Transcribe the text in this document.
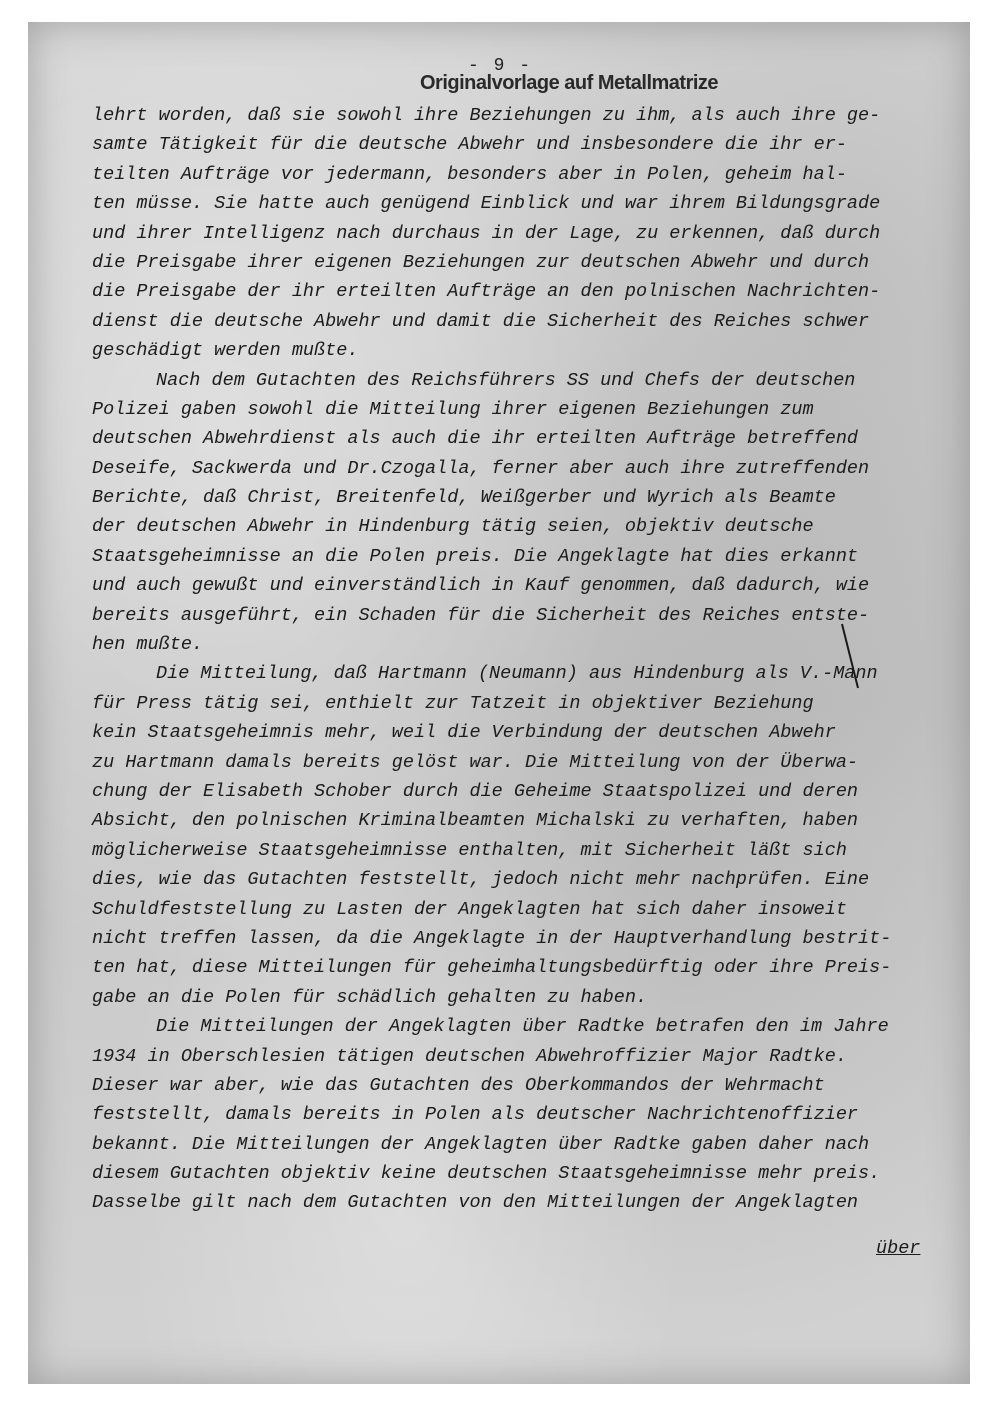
- 9 -
Originalvorlage auf Metallmatrize
lehrt worden, daß sie sowohl ihre Beziehungen zu ihm, als auch ihre ge-
samte Tätigkeit für die deutsche Abwehr und insbesondere die ihr er-
teilten Aufträge vor jedermann, besonders aber in Polen, geheim hal-
ten müsse. Sie hatte auch genügend Einblick und war ihrem Bildungsgrade
und ihrer Intelligenz nach durchaus in der Lage, zu erkennen, daß durch
die Preisgabe ihrer eigenen Beziehungen zur deutschen Abwehr und durch
die Preisgabe der ihr erteilten Aufträge an den polnischen Nachrichten-
dienst die deutsche Abwehr und damit die Sicherheit des Reiches schwer
geschädigt werden mußte.
Nach dem Gutachten des Reichsführers SS und Chefs der deutschen
Polizei gaben sowohl die Mitteilung ihrer eigenen Beziehungen zum
deutschen Abwehrdienst als auch die ihr erteilten Aufträge betreffend
Deseife, Sackwerda und Dr.Czogalla, ferner aber auch ihre zutreffenden
Berichte, daß Christ, Breitenfeld, Weißgerber und Wyrich als Beamte
der deutschen Abwehr in Hindenburg tätig seien, objektiv deutsche
Staatsgeheimnisse an die Polen preis. Die Angeklagte hat dies erkannt
und auch gewußt und einverständlich in Kauf genommen, daß dadurch, wie
bereits ausgeführt, ein Schaden für die Sicherheit des Reiches entste-
hen mußte.
Die Mitteilung, daß Hartmann (Neumann) aus Hindenburg als V.-Mann
für Press tätig sei, enthielt zur Tatzeit in objektiver Beziehung
kein Staatsgeheimnis mehr, weil die Verbindung der deutschen Abwehr
zu Hartmann damals bereits gelöst war. Die Mitteilung von der Überwa-
chung der Elisabeth Schober durch die Geheime Staatspolizei und deren
Absicht, den polnischen Kriminalbeamten Michalski zu verhaften, haben
möglicherweise Staatsgeheimnisse enthalten, mit Sicherheit läßt sich
dies, wie das Gutachten feststellt, jedoch nicht mehr nachprüfen. Eine
Schuldfeststellung zu Lasten der Angeklagten hat sich daher insoweit
nicht treffen lassen, da die Angeklagte in der Hauptverhandlung bestrit-
ten hat, diese Mitteilungen für geheimhaltungsbedürftig oder ihre Preis-
gabe an die Polen für schädlich gehalten zu haben.
Die Mitteilungen der Angeklagten über Radtke betrafen den im Jahre
1934 in Oberschlesien tätigen deutschen Abwehroffizier Major Radtke.
Dieser war aber, wie das Gutachten des Oberkommandos der Wehrmacht
feststellt, damals bereits in Polen als deutscher Nachrichtenoffizier
bekannt. Die Mitteilungen der Angeklagten über Radtke gaben daher nach
diesem Gutachten objektiv keine deutschen Staatsgeheimnisse mehr preis.
Dasselbe gilt nach dem Gutachten von den Mitteilungen der Angeklagten
über
